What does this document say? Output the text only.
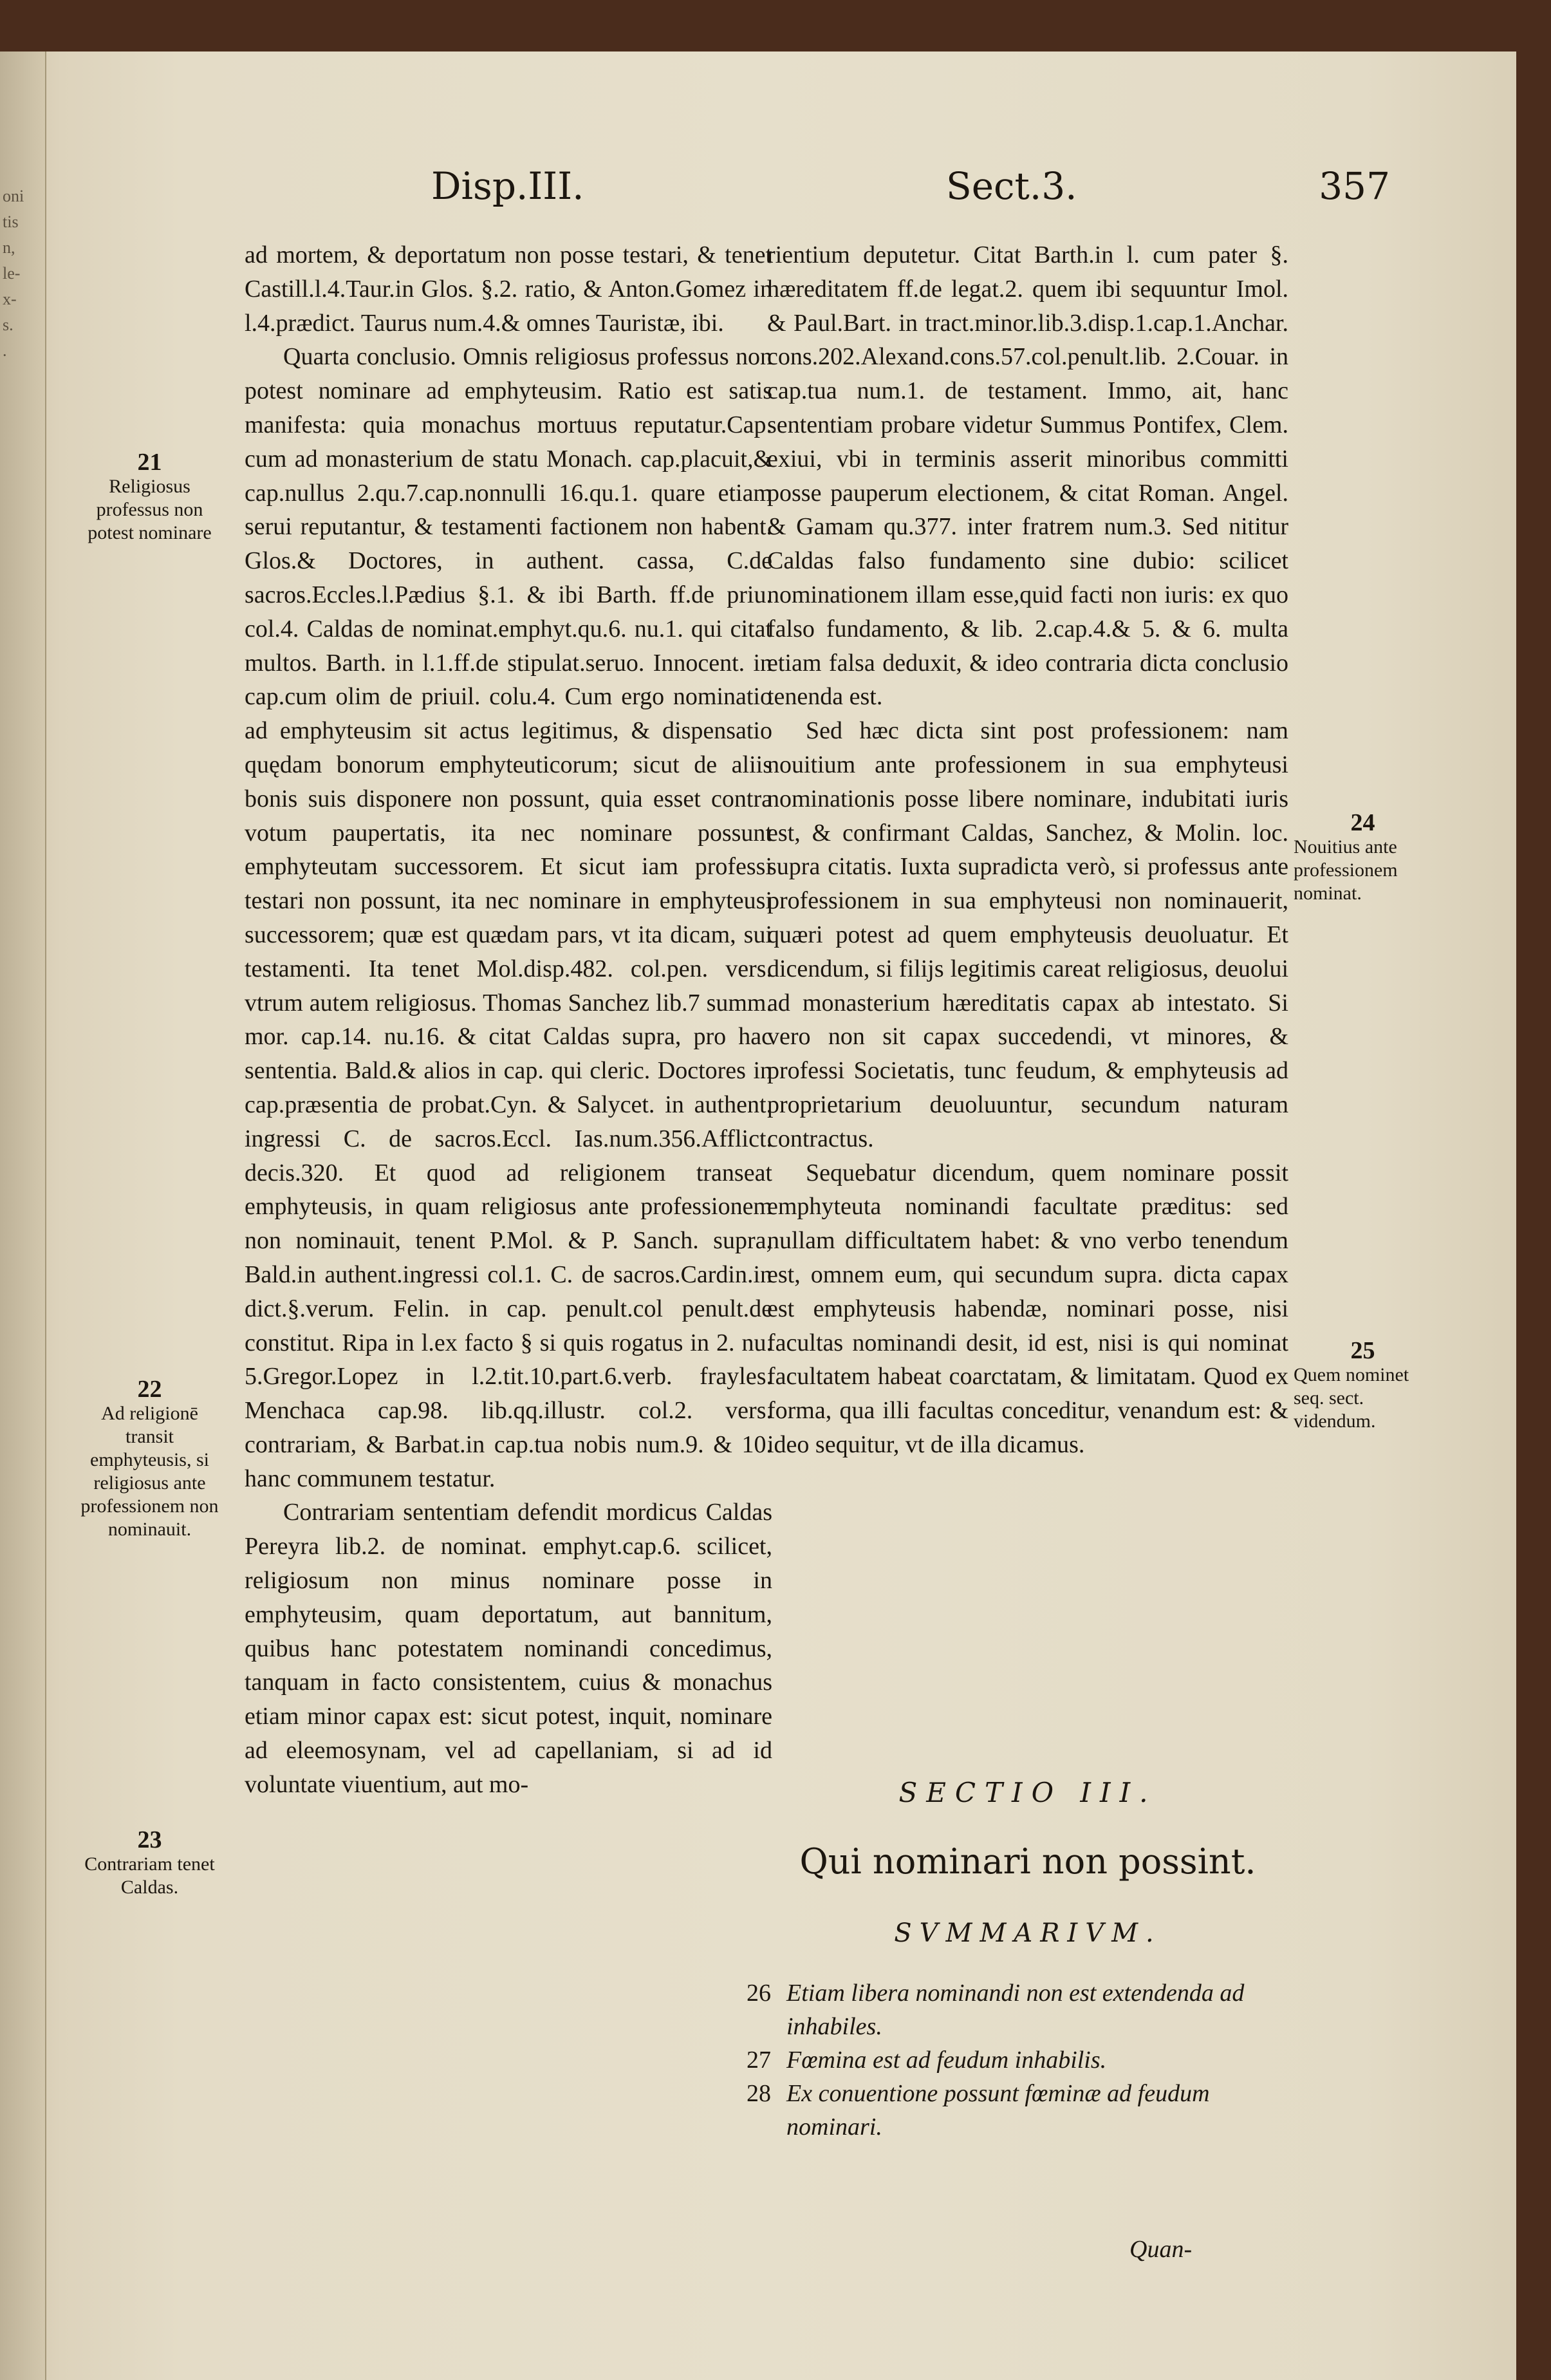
oni
tis
n,
le-
x-
s.
.
Disp.III.	Sect.3.	357

ad mortem, & deportatum non posse testari, & tenet Castill.l.4.Taur.in Glos. §.2. ratio, & Anton.Gomez in l.4.prædict. Taurus num.4.& omnes Tauristæ, ibi.

Quarta conclusio. Omnis religiosus professus non potest nominare ad emphyteusim. Ratio est satis manifesta: quia monachus mortuus reputatur.Cap. cum ad monasterium de statu Monach. cap.placuit,& cap.nullus 2.qu.7.cap.nonnulli 16.qu.1. quare etiam serui reputantur, & testamenti factionem non habent. Glos.& Doctores, in authent. cassa, C.de sacros.Eccles.l.Pædius §.1. & ibi Barth. ff.de priu. col.4. Caldas de nominat.emphyt.qu.6. nu.1. qui citat multos. Barth. in l.1.ff.de stipulat.seruo. Innocent. in cap.cum olim de priuil. colu.4. Cum ergo nominatio ad emphyteusim sit actus legitimus, & dispensatio quędam bonorum emphyteuticorum; sicut de aliis bonis suis disponere non possunt, quia esset contra votum paupertatis, ita nec nominare possunt emphyteutam successorem. Et sicut iam professi testari non possunt, ita nec nominare in emphyteusi successorem; quæ est quædam pars, vt ita dicam, sui testamenti. Ita tenet Mol.disp.482. col.pen. vers. vtrum autem religiosus. Thomas Sanchez lib.7 summ. mor. cap.14. nu.16. & citat Caldas supra, pro hac sententia. Bald.& alios in cap. qui cleric. Doctores in cap.præsentia de probat.Cyn. & Salycet. in authent. ingressi C. de sacros.Eccl. Ias.num.356.Afflict. decis.320. Et quod ad religionem transeat emphyteusis, in quam religiosus ante professionem non nominauit, tenent P.Mol. & P. Sanch. supra, Bald.in authent.ingressi col.1. C. de sacros.Cardin.in dict.§.verum. Felin. in cap. penult.col penult.de constitut. Ripa in l.ex facto § si quis rogatus in 2. nu. 5.Gregor.Lopez in l.2.tit.10.part.6.verb. frayles. Menchaca cap.98. lib.qq.illustr. col.2. vers. contrariam, & Barbat.in cap.tua nobis num.9. & 10. hanc communem testatur.

Contrariam sententiam defendit mordicus Caldas Pereyra lib.2. de nominat. emphyt.cap.6. scilicet, religiosum non minus nominare posse in emphyteusim, quam deportatum, aut bannitum, quibus hanc potestatem nominandi concedimus, tanquam in facto consistentem, cuius & monachus etiam minor capax est: sicut potest, inquit, nominare ad eleemosynam, vel ad capellaniam, si ad id voluntate viuentium, aut mo-

rientium deputetur. Citat Barth.in l. cum pater §. hæreditatem ff.de legat.2. quem ibi sequuntur Imol. & Paul.Bart. in tract.minor.lib.3.disp.1.cap.1.Anchar. cons.202.Alexand.cons.57.col.penult.lib. 2.Couar. in cap.tua num.1. de testament. Immo, ait, hanc sententiam probare videtur Summus Pontifex, Clem. exiui, vbi in terminis asserit minoribus committi posse pauperum electionem, & citat Roman. Angel. & Gamam qu.377. inter fratrem num.3. Sed nititur Caldas falso fundamento sine dubio: scilicet nominationem illam esse,quid facti non iuris: ex quo falso fundamento, & lib. 2.cap.4.& 5. & 6. multa etiam falsa deduxit, & ideo contraria dicta conclusio tenenda est.

Sed hæc dicta sint post professionem: nam nouitium ante professionem in sua emphyteusi nominationis posse libere nominare, indubitati iuris est, & confirmant Caldas, Sanchez, & Molin. loc. supra citatis. Iuxta supradicta verò, si professus ante professionem in sua emphyteusi non nominauerit, quæri potest ad quem emphyteusis deuoluatur. Et dicendum, si filijs legitimis careat religiosus, deuolui ad monasterium hæreditatis capax ab intestato. Si vero non sit capax succedendi, vt minores, & professi Societatis, tunc feudum, & emphyteusis ad proprietarium deuoluuntur, secundum naturam contractus.

Sequebatur dicendum, quem nominare possit emphyteuta nominandi facultate præditus: sed nullam difficultatem habet: & vno verbo tenendum est, omnem eum, qui secundum supra. dicta capax est emphyteusis habendæ, nominari posse, nisi facultas nominandi desit, id est, nisi is qui nominat facultatem habeat coarctatam, & limitatam. Quod ex forma, qua illi facultas conceditur, venandum est: & ideo sequitur, vt de illa dicamus.

21
Religiosus professus non potest nominare
22
Ad religionē transit emphyteusis, si religiosus ante professionem non nominauit.
23
Contrariam tenet Caldas.
24
Nouitius ante professionem nominat.
25
Quem nominet seq. sect. videndum.
SECTIO III.
Qui nominari non possint.
SVMMARIVM.
26 Etiam libera nominandi non est extendenda ad inhabiles.
27 Fœmina est ad feudum inhabilis.
28 Ex conuentione possunt fœminæ ad feudum nominari.
Quan-
